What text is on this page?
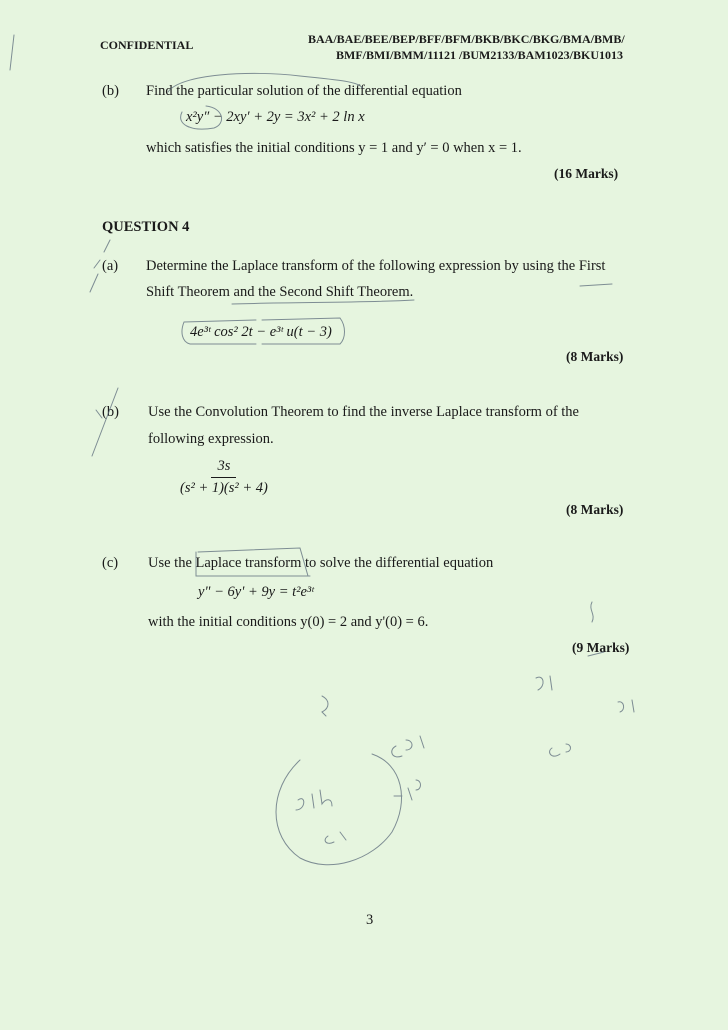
CONFIDENTIAL	BAA/BAE/BEE/BEP/BFF/BFM/BKB/BKC/BKG/BMA/BMB/
BMF/BMI/BMM/11121 /BUM2133/BAM1023/BKU1013
(b) Find the particular solution of the differential equation
x²y″ − 2xy′ + 2y = 3x² + 2 ln x
which satisfies the initial conditions y = 1 and y′ = 0 when x = 1.
(16 Marks)
QUESTION 4
(a) Determine the Laplace transform of the following expression by using the First
Shift Theorem and the Second Shift Theorem.
4e³ᵗ cos² 2t − e³ᵗ u(t − 3)
(8 Marks)
(b) Use the Convolution Theorem to find the inverse Laplace transform of the
following expression.
$\frac{3s}{\text{(s² + 1)(s² + 4)}}$
(8 Marks)
(c) Use the Laplace transform to solve the differential equation
y" − 6y' + 9y = t²e³ᵗ
with the initial conditions y(0) = 2 and y'(0) = 6.
(9 Marks)
3
